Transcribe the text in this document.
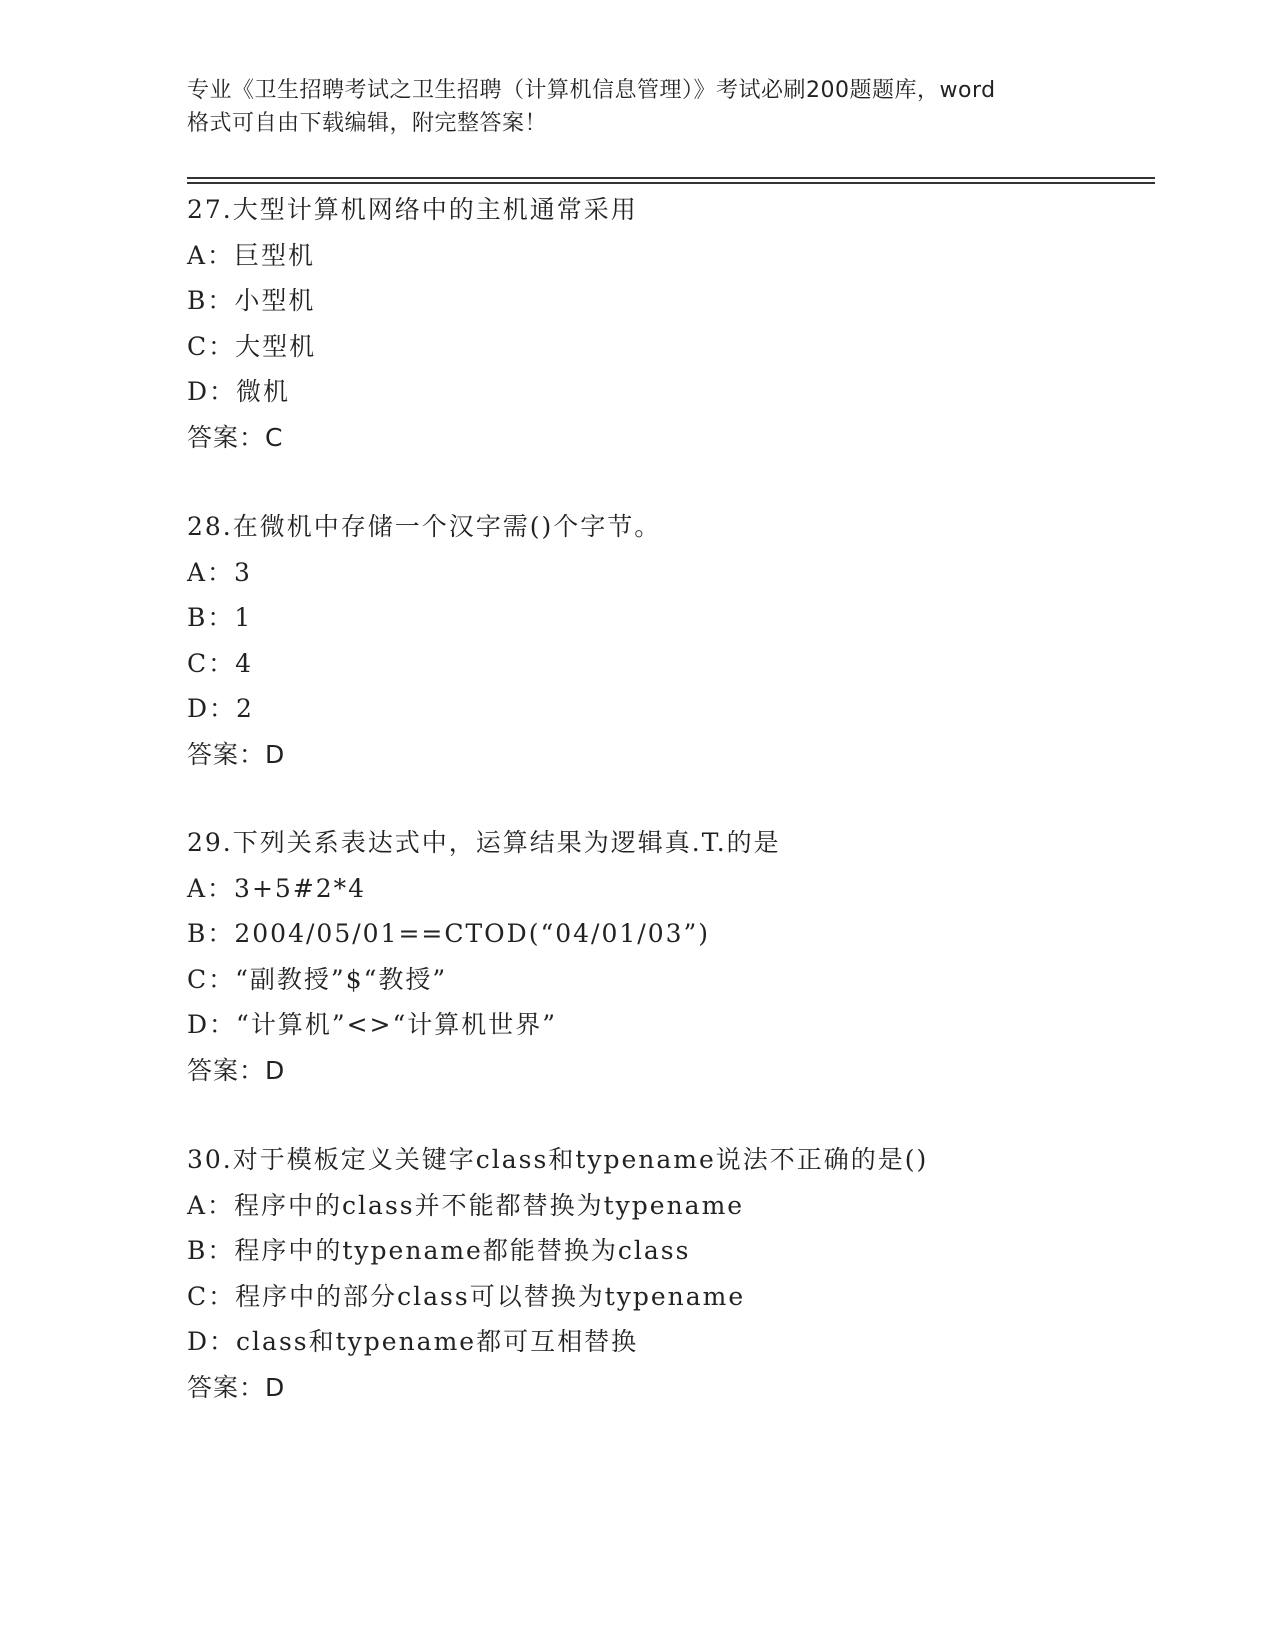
专业《卫生招聘考试之卫生招聘（计算机信息管理）》考试必刷200题题库，word
格式可自由下载编辑，附完整答案！
27.大型计算机网络中的主机通常采用
A：巨型机
B：小型机
C：大型机
D：微机
答案：C
28.在微机中存储一个汉字需()个字节。
A：3
B：1
C：4
D：2
答案：D
29.下列关系表达式中，运算结果为逻辑真.T.的是
A：3+5#2*4
B：2004/05/01==CTOD(“04/01/03”)
C：“副教授”$“教授”
D：“计算机”<>“计算机世界”
答案：D
30.对于模板定义关键字class和typename说法不正确的是()
A：程序中的class并不能都替换为typename
B：程序中的typename都能替换为class
C：程序中的部分class可以替换为typename
D：class和typename都可互相替换
答案：D
